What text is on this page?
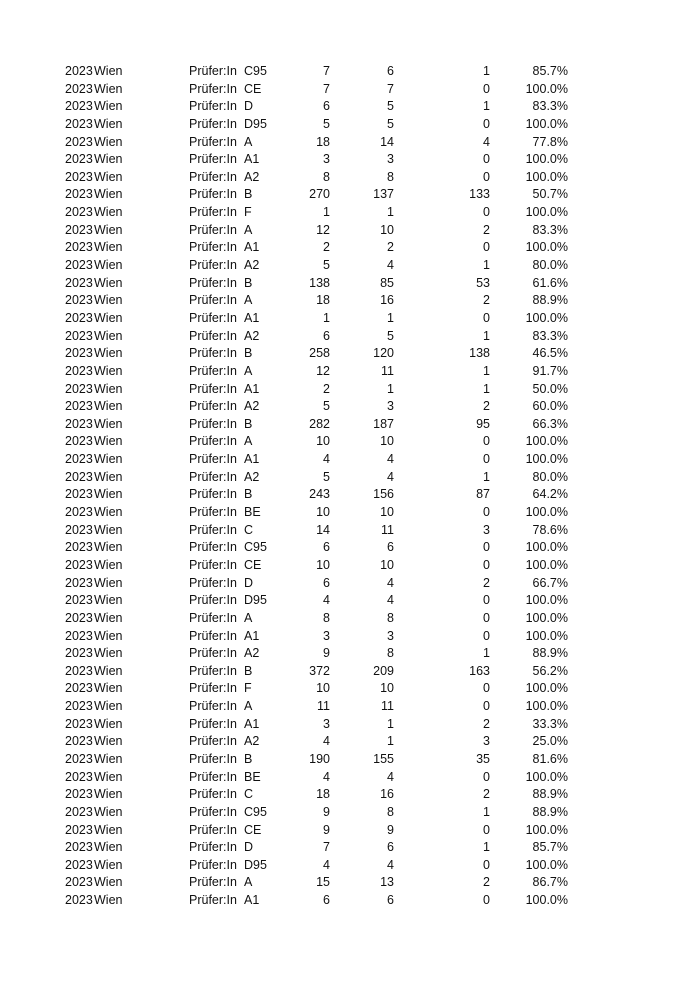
2023 Wien	Prüfer:In C95	7	6	1	85.7%
2023 Wien	Prüfer:In CE	7	7	0	100.0%
2023 Wien	Prüfer:In D	6	5	1	83.3%
2023 Wien	Prüfer:In D95	5	5	0	100.0%
2023 Wien	Prüfer:In A	18	14	4	77.8%
2023 Wien	Prüfer:In A1	3	3	0	100.0%
2023 Wien	Prüfer:In A2	8	8	0	100.0%
2023 Wien	Prüfer:In B	270	137	133	50.7%
2023 Wien	Prüfer:In F	1	1	0	100.0%
2023 Wien	Prüfer:In A	12	10	2	83.3%
2023 Wien	Prüfer:In A1	2	2	0	100.0%
2023 Wien	Prüfer:In A2	5	4	1	80.0%
2023 Wien	Prüfer:In B	138	85	53	61.6%
2023 Wien	Prüfer:In A	18	16	2	88.9%
2023 Wien	Prüfer:In A1	1	1	0	100.0%
2023 Wien	Prüfer:In A2	6	5	1	83.3%
2023 Wien	Prüfer:In B	258	120	138	46.5%
2023 Wien	Prüfer:In A	12	11	1	91.7%
2023 Wien	Prüfer:In A1	2	1	1	50.0%
2023 Wien	Prüfer:In A2	5	3	2	60.0%
2023 Wien	Prüfer:In B	282	187	95	66.3%
2023 Wien	Prüfer:In A	10	10	0	100.0%
2023 Wien	Prüfer:In A1	4	4	0	100.0%
2023 Wien	Prüfer:In A2	5	4	1	80.0%
2023 Wien	Prüfer:In B	243	156	87	64.2%
2023 Wien	Prüfer:In BE	10	10	0	100.0%
2023 Wien	Prüfer:In C	14	11	3	78.6%
2023 Wien	Prüfer:In C95	6	6	0	100.0%
2023 Wien	Prüfer:In CE	10	10	0	100.0%
2023 Wien	Prüfer:In D	6	4	2	66.7%
2023 Wien	Prüfer:In D95	4	4	0	100.0%
2023 Wien	Prüfer:In A	8	8	0	100.0%
2023 Wien	Prüfer:In A1	3	3	0	100.0%
2023 Wien	Prüfer:In A2	9	8	1	88.9%
2023 Wien	Prüfer:In B	372	209	163	56.2%
2023 Wien	Prüfer:In F	10	10	0	100.0%
2023 Wien	Prüfer:In A	11	11	0	100.0%
2023 Wien	Prüfer:In A1	3	1	2	33.3%
2023 Wien	Prüfer:In A2	4	1	3	25.0%
2023 Wien	Prüfer:In B	190	155	35	81.6%
2023 Wien	Prüfer:In BE	4	4	0	100.0%
2023 Wien	Prüfer:In C	18	16	2	88.9%
2023 Wien	Prüfer:In C95	9	8	1	88.9%
2023 Wien	Prüfer:In CE	9	9	0	100.0%
2023 Wien	Prüfer:In D	7	6	1	85.7%
2023 Wien	Prüfer:In D95	4	4	0	100.0%
2023 Wien	Prüfer:In A	15	13	2	86.7%
2023 Wien	Prüfer:In A1	6	6	0	100.0%
